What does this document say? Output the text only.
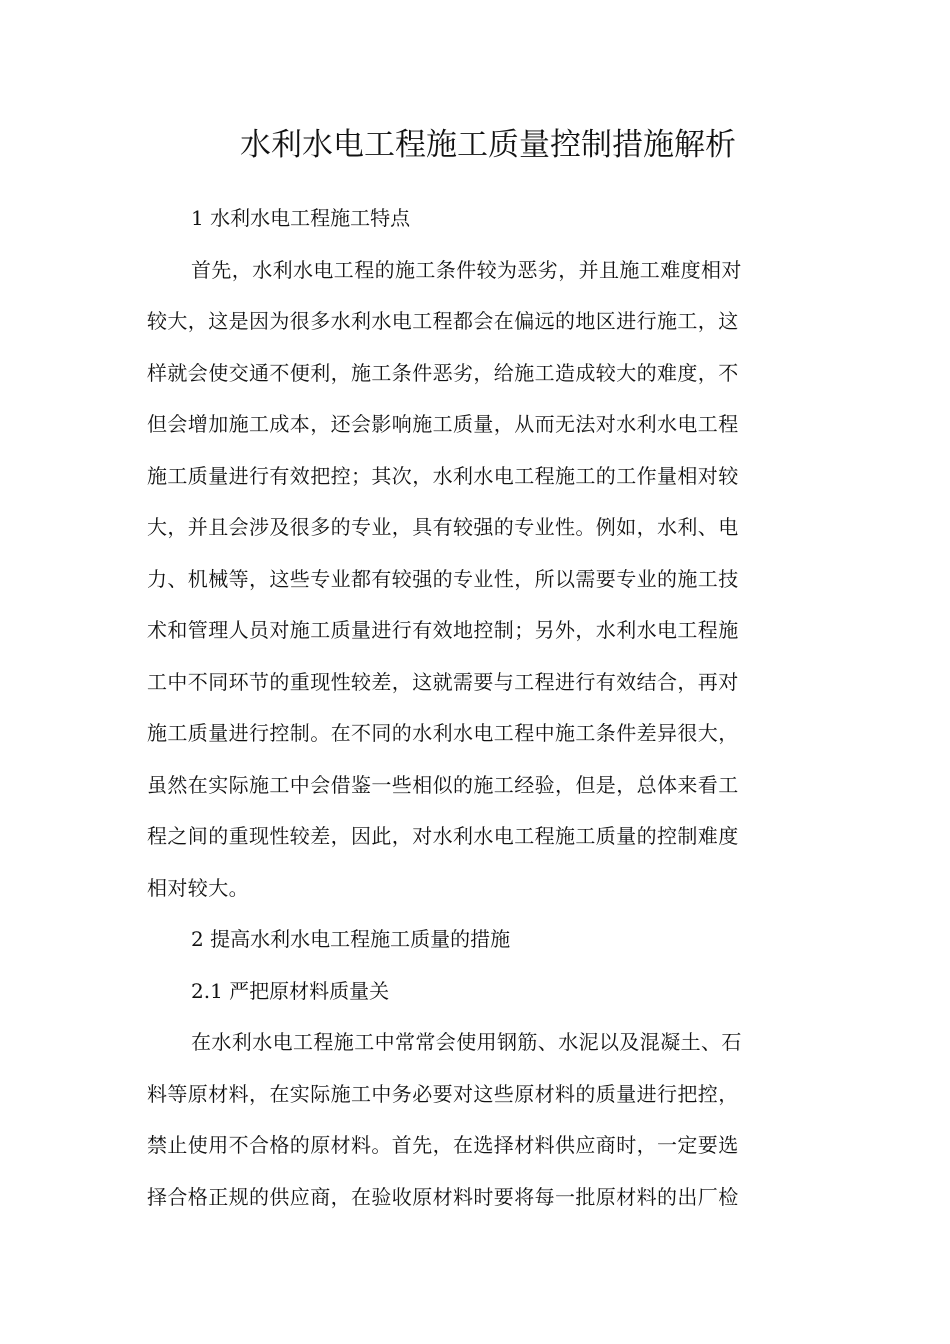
水利水电工程施工质量控制措施解析
1 水利水电工程施工特点
首先，水利水电工程的施工条件较为恶劣，并且施工难度相对
较大，这是因为很多水利水电工程都会在偏远的地区进行施工，这
样就会使交通不便利，施工条件恶劣，给施工造成较大的难度，不
但会增加施工成本，还会影响施工质量，从而无法对水利水电工程
施工质量进行有效把控；其次，水利水电工程施工的工作量相对较
大，并且会涉及很多的专业，具有较强的专业性。例如，水利、电
力、机械等，这些专业都有较强的专业性，所以需要专业的施工技
术和管理人员对施工质量进行有效地控制；另外，水利水电工程施
工中不同环节的重现性较差，这就需要与工程进行有效结合，再对
施工质量进行控制。在不同的水利水电工程中施工条件差异很大，
虽然在实际施工中会借鉴一些相似的施工经验，但是，总体来看工
程之间的重现性较差，因此，对水利水电工程施工质量的控制难度
相对较大。
2 提高水利水电工程施工质量的措施
2.1 严把原材料质量关
在水利水电工程施工中常常会使用钢筋、水泥以及混凝土、石
料等原材料，在实际施工中务必要对这些原材料的质量进行把控，
禁止使用不合格的原材料。首先，在选择材料供应商时，一定要选
择合格正规的供应商，在验收原材料时要将每一批原材料的出厂检
